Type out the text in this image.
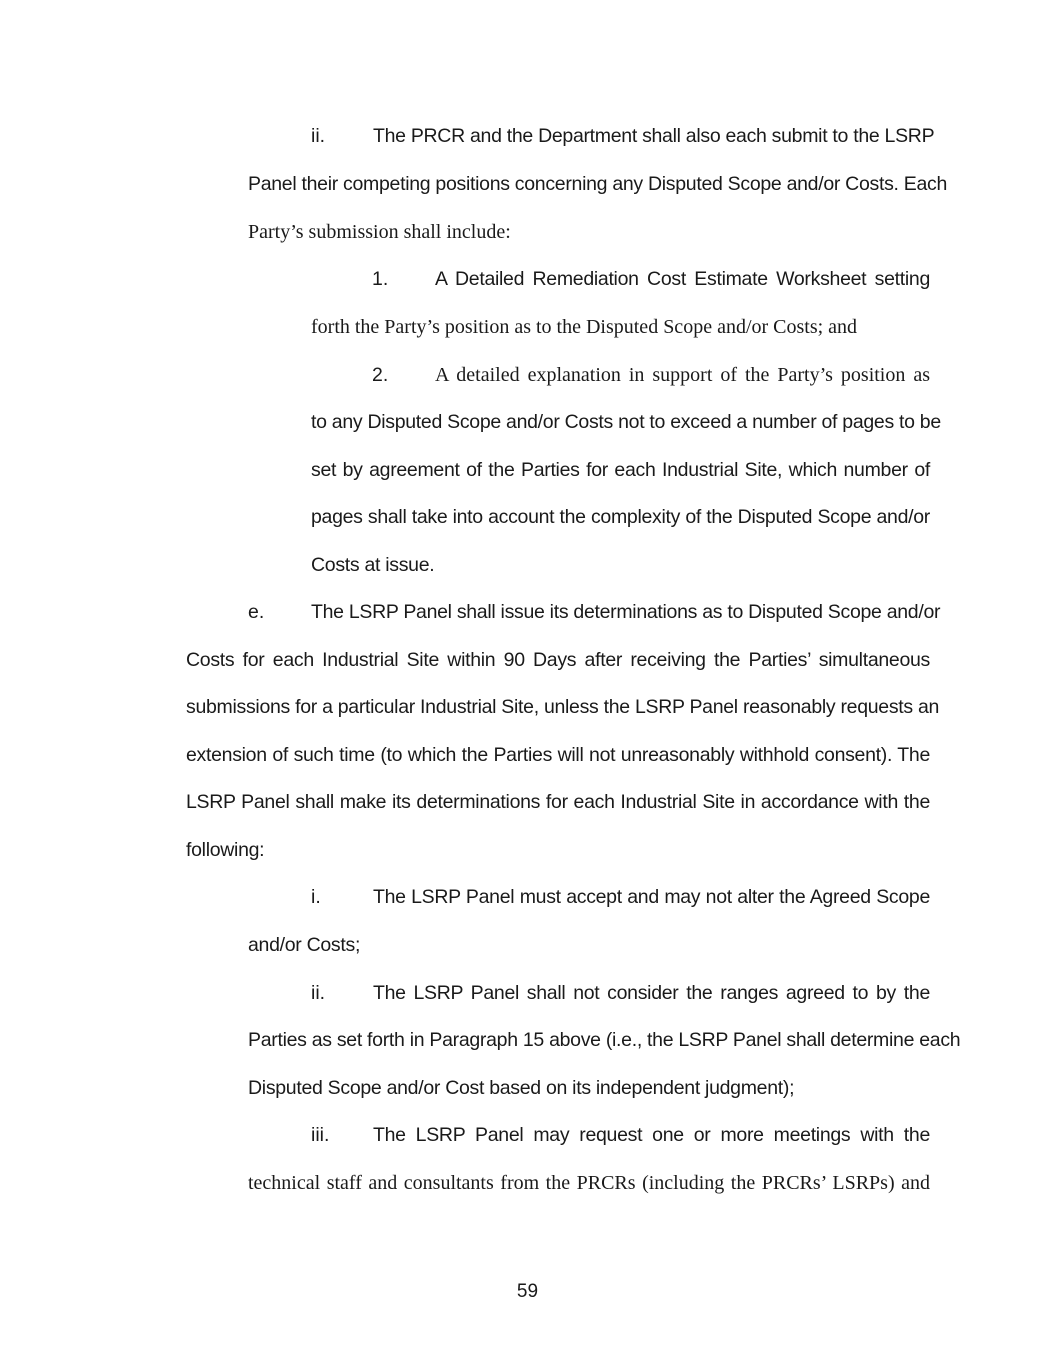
ii. The PRCR and the Department shall also each submit to the LSRP
Panel their competing positions concerning any Disputed Scope and/or Costs. Each
Party’s submission shall include:
1. A Detailed Remediation Cost Estimate Worksheet setting
forth the Party’s position as to the Disputed Scope and/or Costs; and
2. A detailed explanation in support of the Party’s position as
to any Disputed Scope and/or Costs not to exceed a number of pages to be
set by agreement of the Parties for each Industrial Site, which number of
pages shall take into account the complexity of the Disputed Scope and/or
Costs at issue.
e. The LSRP Panel shall issue its determinations as to Disputed Scope and/or
Costs for each Industrial Site within 90 Days after receiving the Parties’ simultaneous
submissions for a particular Industrial Site, unless the LSRP Panel reasonably requests an
extension of such time (to which the Parties will not unreasonably withhold consent). The
LSRP Panel shall make its determinations for each Industrial Site in accordance with the
following:
i.	The LSRP Panel must accept and may not alter the Agreed Scope
and/or Costs;
ii. The LSRP Panel shall not consider the ranges agreed to by the
Parties as set forth in Paragraph 15 above (i.e., the LSRP Panel shall determine each
Disputed Scope and/or Cost based on its independent judgment);
iii. The LSRP Panel may request one or more meetings with the
technical staff and consultants from the PRCRs (including the PRCRs’ LSRPs) and
59
